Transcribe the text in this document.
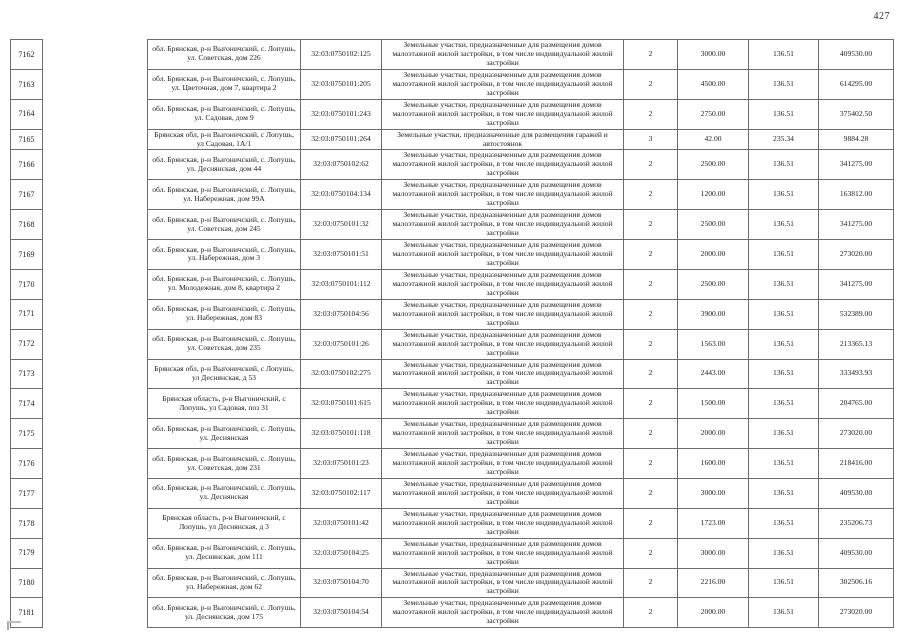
427
7162		обл. Брянская, р-н Выгоничский, с. Лопушь, ул. Советская, дом 226	32:03:0750102:125	Земельные участки, предназначенные для размещения домов малоэтажной жилой застройки, в том числе индивидуальной жилой застройки	2	3000.00	136.51	409530.00
7163		обл. Брянская, р-н Выгоничский, с. Лопушь, ул. Цветочная, дом 7, квартира 2	32:03:0750101:205	Земельные участки, предназначенные для размещения домов малоэтажной жилой застройки, в том числе индивидуальной жилой застройки	2	4500.00	136.51	614295.00
7164		обл. Брянская, р-н Выгоничский, с. Лопушь, ул. Садовая, дом 9	32:03:0750101:243	Земельные участки, предназначенные для размещения домов малоэтажной жилой застройки, в том числе индивидуальной жилой застройки	2	2750.00	136.51	375402.50
7165		Брянская обл, р-н Выгоничский, с Лопушь, ул Садовая, 1А/1	32:03:0750101:264	Земельные участки, предназначенные для размещения гаражей и автостоянок	3	42.00	235.34	9884.28
7166		обл. Брянская, р-н Выгоничский, с. Лопушь, ул. Деснянская, дом 44	32:03:0750102:62	Земельные участки, предназначенные для размещения домов малоэтажной жилой застройки, в том числе индивидуальной жилой застройки	2	2500.00	136.51	341275.00
7167		обл. Брянская, р-н Выгоничский, с. Лопушь, ул. Набережная, дом 99А	32:03:0750104:134	Земельные участки, предназначенные для размещения домов малоэтажной жилой застройки, в том числе индивидуальной жилой застройки	2	1200.00	136.51	163812.00
7168		обл. Брянская, р-н Выгоничский, с. Лопушь, ул. Советская, дом 245	32:03:0750101:32	Земельные участки, предназначенные для размещения домов малоэтажной жилой застройки, в том числе индивидуальной жилой застройки	2	2500.00	136.51	341275.00
7169		обл. Брянская, р-н Выгоничский, с. Лопушь, ул. Набережная, дом 3	32:03:0750101:51	Земельные участки, предназначенные для размещения домов малоэтажной жилой застройки, в том числе индивидуальной жилой застройки	2	2000.00	136.51	273020.00
7170		обл. Брянская, р-н Выгоничский, с. Лопушь, ул. Молодежная, дом 8, квартира 2	32:03:0750101:112	Земельные участки, предназначенные для размещения домов малоэтажной жилой застройки, в том числе индивидуальной жилой застройки	2	2500.00	136.51	341275.00
7171		обл. Брянская, р-н Выгоничский, с. Лопушь, ул. Набережная, дом 83	32:03:0750104:56	Земельные участки, предназначенные для размещения домов малоэтажной жилой застройки, в том числе индивидуальной жилой застройки	2	3900.00	136.51	532389.00
7172		обл. Брянская, р-н Выгоничский, с. Лопушь, ул. Советская, дом 235	32:03:0750101:26	Земельные участки, предназначенные для размещения домов малоэтажной жилой застройки, в том числе индивидуальной жилой застройки	2	1563.00	136.51	213365.13
7173		Брянская обл, р-н Выгоничский, с Лопушь, ул Деснянская, д 53	32:03:0750102:275	Земельные участки, предназначенные для размещения домов малоэтажной жилой застройки, в том числе индивидуальной жилой застройки	2	2443.00	136.51	333493.93
7174		Брянская область, р-н Выгоничский, с Лопушь, ул Садовая, поз 31	32:03:0750101:615	Земельные участки, предназначенные для размещения домов малоэтажной жилой застройки, в том числе индивидуальной жилой застройки	2	1500.00	136.51	204765.00
7175		обл. Брянская, р-н Выгоничский, с. Лопушь, ул. Деснянская	32:03:0750101:118	Земельные участки, предназначенные для размещения домов малоэтажной жилой застройки, в том числе индивидуальной жилой застройки	2	2000.00	136.51	273020.00
7176		обл. Брянская, р-н Выгоничский, с. Лопушь, ул. Советская, дом 231	32:03:0750101:23	Земельные участки, предназначенные для размещения домов малоэтажной жилой застройки, в том числе индивидуальной жилой застройки	2	1600.00	136.51	218416.00
7177		обл. Брянская, р-н Выгоничский, с. Лопушь, ул. Деснянская	32:03:0750102:117	Земельные участки, предназначенные для размещения домов малоэтажной жилой застройки, в том числе индивидуальной жилой застройки	2	3000.00	136.51	409530.00
7178		Брянская область, р-н Выгоничский, с Лопушь, ул Деснянская, д 3	32:03:0750101:42	Земельные участки, предназначенные для размещения домов малоэтажной жилой застройки, в том числе индивидуальной жилой застройки	2	1723.00	136.51	235206.73
7179		обл. Брянская, р-н Выгоничский, с. Лопушь, ул. Деснянская, дом 111	32:03:0750104:25	Земельные участки, предназначенные для размещения домов малоэтажной жилой застройки, в том числе индивидуальной жилой застройки	2	3000.00	136.51	409530.00
7180		обл. Брянская, р-н Выгоничский, с. Лопушь, ул. Набережная, дом 62	32:03:0750104:70	Земельные участки, предназначенные для размещения домов малоэтажной жилой застройки, в том числе индивидуальной жилой застройки	2	2216.00	136.51	302506.16
7181		обл. Брянская, р-н Выгоничский, с. Лопушь, ул. Деснянская, дом 175	32:03:0750104:54	Земельные участки, предназначенные для размещения домов малоэтажной жилой застройки, в том числе индивидуальной жилой застройки	2	2000.00	136.51	273020.00
